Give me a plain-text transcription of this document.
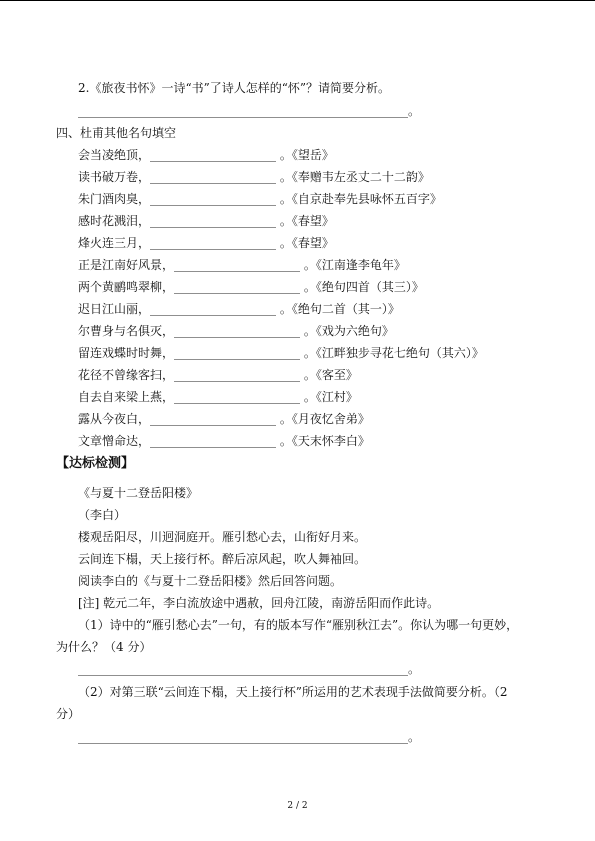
2.《旅夜书怀》一诗“书”了诗人怎样的“怀”？请简要分析。
_______________________________________________________。
四、杜甫其他名句填空
会当凌绝顶，_____________________ 。《望岳》
读书破万卷，_____________________ 。《奉赠韦左丞丈二十二韵》
朱门酒肉臭，_____________________ 。《自京赴奉先县咏怀五百字》
感时花溅泪，_____________________ 。《春望》
烽火连三月，_____________________ 。《春望》
正是江南好风景，_____________________ 。《江南逢李龟年》
两个黄鹂鸣翠柳，_____________________ 。《绝句四首（其三）》
迟日江山丽，_____________________ 。《绝句二首（其一）》
尔曹身与名俱灭，_____________________ 。《戏为六绝句》
留连戏蝶时时舞，_____________________ 。《江畔独步寻花七绝句（其六）》
花径不曾缘客扫，_____________________ 。《客至》
自去自来梁上燕，_____________________ 。《江村》
露从今夜白，_____________________ 。《月夜忆舍弟》
文章憎命达，_____________________ 。《天末怀李白》
【达标检测】
《与夏十二登岳阳楼》
（李白）
楼观岳阳尽，川迥洞庭开。雁引愁心去，山衔好月来。
云间连下榻，天上接行杯。醉后凉风起，吹人舞袖回。
阅读李白的《与夏十二登岳阳楼》然后回答问题。
[注] 乾元二年，李白流放途中遇赦，回舟江陵，南游岳阳而作此诗。
（1）诗中的“雁引愁心去”一句，有的版本写作“雁别秋江去”。你认为哪一句更妙，
为什么？（4 分）
_______________________________________________________。
（2）对第三联“云间连下榻，天上接行杯”所运用的艺术表现手法做简要分析。（2
分）
_______________________________________________________。
2 / 2
